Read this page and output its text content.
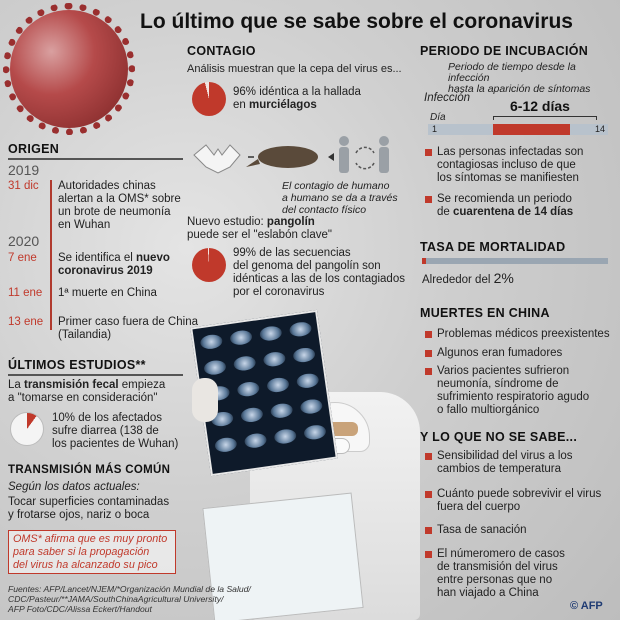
Lo último que se sabe sobre el coronavirus
CONTAGIO
Análisis muestran que la cepa del virus es...
96% idéntica a la hallada
en murciélagos
El contagio de humano
a humano se da a través
del contacto físico
Nuevo estudio: pangolín
puede ser el "eslabón clave"
99% de las secuencias
del genoma del pangolín son
idénticas a las de los contagiados
por el coronavirus
PERIODO DE INCUBACIÓN
Periodo de tiempo desde la infección
hasta la aparición de síntomas
Infección	6-12 días
Día
1	14
Las personas infectadas son
contagiosas incluso de que
los síntomas se manifiesten
Se recomienda un periodo
de cuarentena de 14 días
TASA DE MORTALIDAD
Alrededor del 2%
MUERTES EN CHINA
Problemas médicos preexistentes
Algunos eran fumadores
Varios pacientes sufrieron
neumonía, síndrome de
sufrimiento respiratorio agudo
o fallo multiorgánico
Y LO QUE NO SE SABE...
Sensibilidad del virus a los
cambios de temperatura
Cuánto puede sobrevivir el virus
fuera del cuerpo
Tasa de sanación
El númeromero de casos
de transmisión del virus
entre personas que no
han viajado a China
ORIGEN
2019
31 dic Autoridades chinas
alertan a la OMS* sobre
un brote de neumonía
en Wuhan
2020
7 ene Se identifica el nuevo
coronavirus 2019
11 ene 1ª muerte en China
13 ene Primer caso fuera de China
(Tailandia)
ÚLTIMOS ESTUDIOS**
La transmisión fecal empieza
a "tomarse en consideración"
10% de los afectados
sufre diarrea (138 de
los pacientes de Wuhan)
TRANSMISIÓN MÁS COMÚN
Según los datos actuales:
Tocar superficies contaminadas
y frotarse ojos, nariz o boca
OMS* afirma que es muy pronto
para saber si la propagación
del virus ha alcanzado su pico
Fuentes: AFP/Lancet/NJEM/*Organización Mundial de la Salud/
CDC/Pasteur/**JAMA/SouthChinaAgricultural University/
AFP Foto/CDC/Alissa Eckert/Handout	© AFP
